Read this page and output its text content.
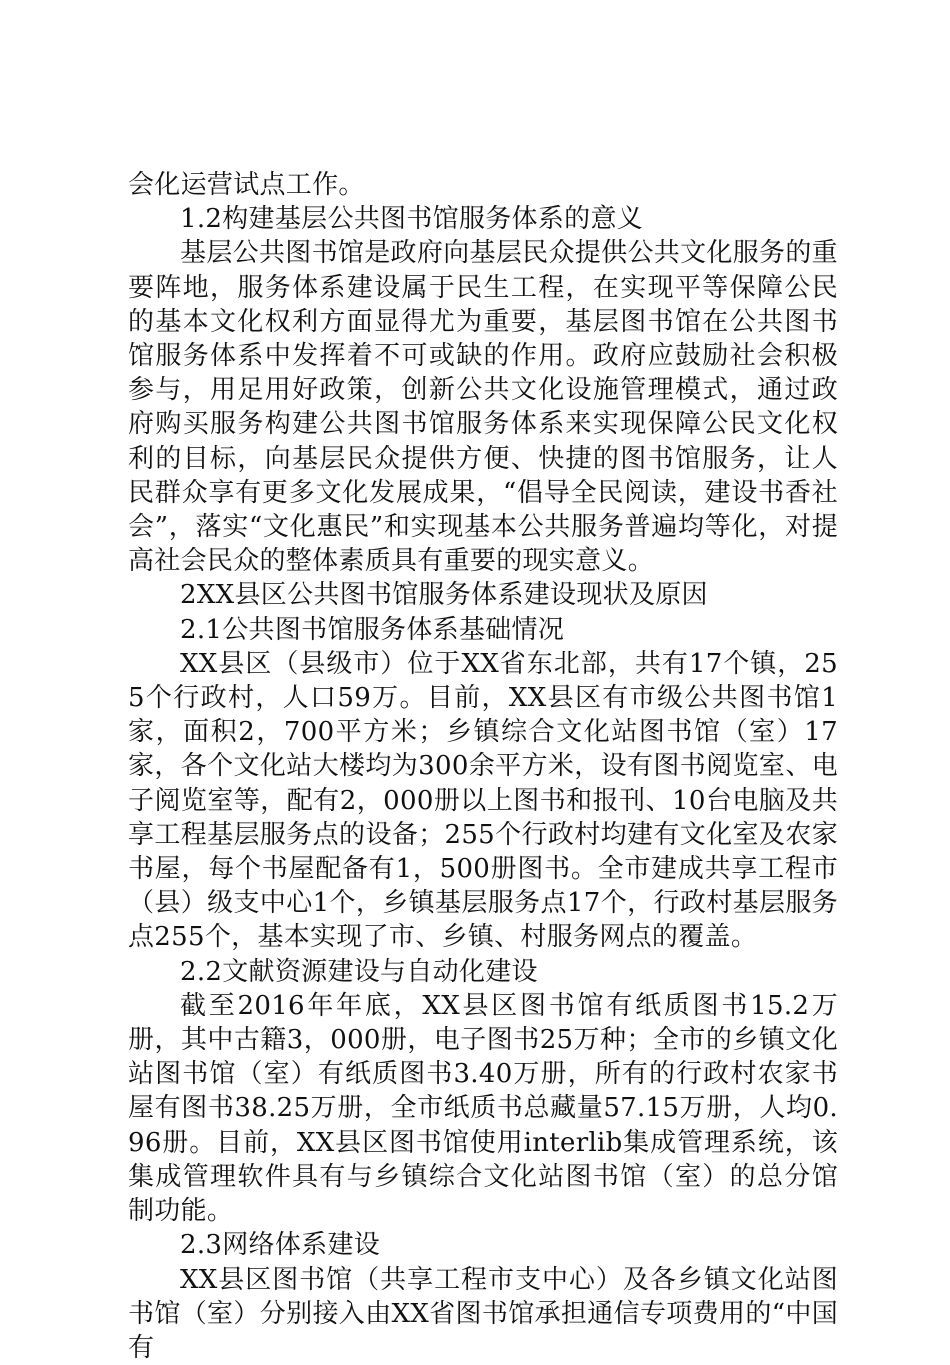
会化运营试点工作。

1.2构建基层公共图书馆服务体系的意义

基层公共图书馆是政府向基层民众提供公共文化服务的重要阵地，服务体系建设属于民生工程，在实现平等保障公民的基本文化权利方面显得尤为重要，基层图书馆在公共图书馆服务体系中发挥着不可或缺的作用。政府应鼓励社会积极参与，用足用好政策，创新公共文化设施管理模式，通过政府购买服务构建公共图书馆服务体系来实现保障公民文化权利的目标，向基层民众提供方便、快捷的图书馆服务，让人民群众享有更多文化发展成果，“倡导全民阅读，建设书香社会”，落实“文化惠民”和实现基本公共服务普遍均等化，对提高社会民众的整体素质具有重要的现实意义。

2XX县区公共图书馆服务体系建设现状及原因

2.1公共图书馆服务体系基础情况

XX县区（县级市）位于XX省东北部，共有17个镇，255个行政村，人口59万。目前，XX县区有市级公共图书馆1家，面积2，700平方米；乡镇综合文化站图书馆（室）17家，各个文化站大楼均为300余平方米，设有图书阅览室、电子阅览室等，配有2，000册以上图书和报刊、10台电脑及共享工程基层服务点的设备；255个行政村均建有文化室及农家书屋，每个书屋配备有1，500册图书。全市建成共享工程市（县）级支中心1个，乡镇基层服务点17个，行政村基层服务点255个，基本实现了市、乡镇、村服务网点的覆盖。

2.2文献资源建设与自动化建设

截至2016年年底，XX县区图书馆有纸质图书15.2万册，其中古籍3，000册，电子图书25万种；全市的乡镇文化站图书馆（室）有纸质图书3.40万册，所有的行政村农家书屋有图书38.25万册，全市纸质书总藏量57.15万册，人均0.96册。目前，XX县区图书馆使用interlib集成管理系统，该集成管理软件具有与乡镇综合文化站图书馆（室）的总分馆制功能。

2.3网络体系建设

XX县区图书馆（共享工程市支中心）及各乡镇文化站图书馆（室）分别接入由XX省图书馆承担通信专项费用的“中国有
